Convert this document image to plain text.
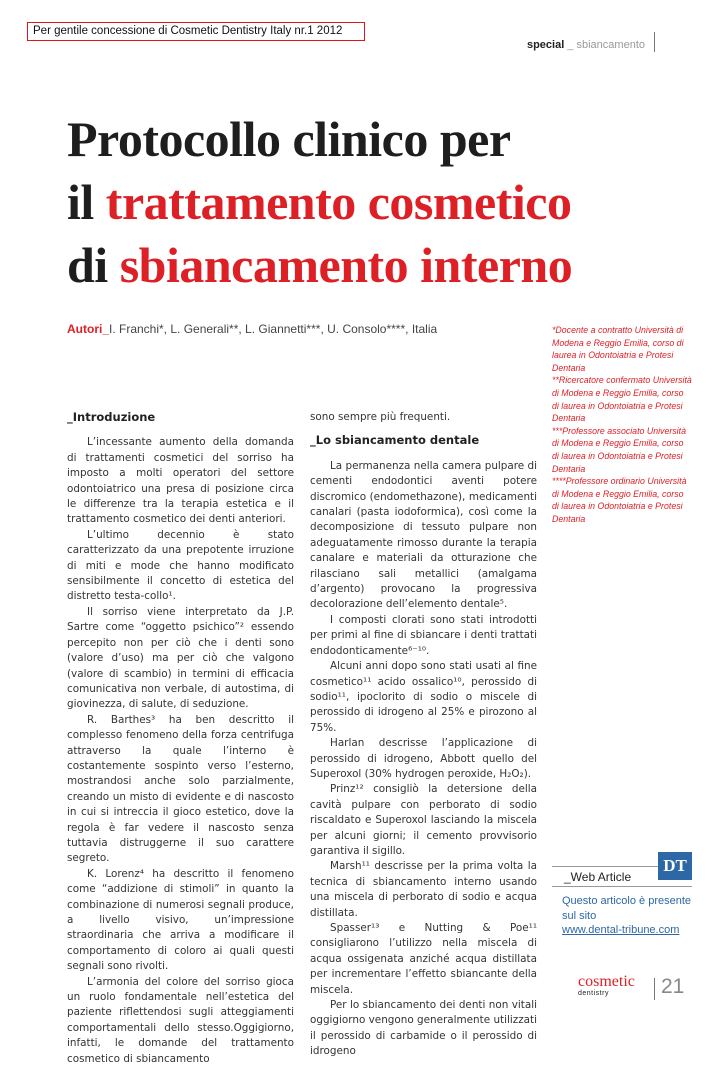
Per gentile concessione di Cosmetic Dentistry Italy nr.1 2012
special _ sbiancamento
Protocollo clinico per
il trattamento cosmetico
di sbiancamento interno
Autori_I. Franchi*, L. Generali**, L. Giannetti***, U. Consolo****, Italia	*Docente a contratto Università di Modena e Reggio Emilia, corso di laurea in Odontoiatria e Protesi Dentaria
**Ricercatore confermato Università di Modena e Reggio Emilia, corso di laurea in Odontoiatria e Protesi Dentaria
***Professore associato Università di Modena e Reggio Emilia, corso di laurea in Odontoiatria e Protesi Dentaria
****Professore ordinario Università di Modena e Reggio Emilia, corso di laurea in Odontoiatria e Protesi Dentaria
_Introduzione

L’incessante aumento della domanda di trattamenti cosmetici del sorriso ha imposto a molti operatori del settore odontoiatrico una presa di posizione circa le differenze tra la terapia estetica e il trattamento cosmetico dei denti anteriori.

L’ultimo decennio è stato caratterizzato da una prepotente irruzione di miti e mode che hanno modificato sensibilmente il concetto di estetica del distretto testa-collo¹.

Il sorriso viene interpretato da J.P. Sartre come “oggetto psichico”² essendo percepito non per ciò che i denti sono (valore d’uso) ma per ciò che valgono (valore di scambio) in termini di efficacia comunicativa non verbale, di autostima, di giovinezza, di salute, di seduzione.

R. Barthes³ ha ben descritto il complesso fenomeno della forza centrifuga attraverso la quale l’interno è costantemente sospinto verso l’esterno, mostrandosi anche solo parzialmente, creando un misto di evidente e di nascosto in cui si intreccia il gioco estetico, dove la regola è far vedere il nascosto senza tuttavia distruggerne il suo carattere segreto.

K. Lorenz⁴ ha descritto il fenomeno come “addizione di stimoli” in quanto la combinazione di numerosi segnali produce, a livello visivo, un’impressione straordinaria che arriva a modificare il comportamento di coloro ai quali questi segnali sono rivolti.

L’armonia del colore del sorriso gioca un ruolo fondamentale nell’estetica del paziente riflettendosi sugli atteggiamenti comportamentali dello stesso.Oggigiorno, infatti, le domande del trattamento cosmetico di sbiancamento

sono sempre più frequenti.

_Lo sbiancamento dentale

La permanenza nella camera pulpare di cementi endodontici aventi potere discromico (endomethazone), medicamenti canalari (pasta iodoformica), così come la decomposizione di tessuto pulpare non adeguatamente rimosso durante la terapia canalare e materiali da otturazione che rilasciano sali metallici (amalgama d’argento) provocano la progressiva decolorazione dell’elemento dentale⁵.

I composti clorati sono stati introdotti per primi al fine di sbiancare i denti trattati endodonticamente⁶⁻¹⁰.

Alcuni anni dopo sono stati usati al fine cosmetico¹¹ acido ossalico¹⁰, perossido di sodio¹¹, ipoclorito di sodio o miscele di perossido di idrogeno al 25% e pirozono al 75%.

Harlan descrisse l’applicazione di perossido di idrogeno, Abbott quello del Superoxol (30% hydrogen peroxide, H₂O₂).

Prinz¹² consigliò la detersione della cavità pulpare con perborato di sodio riscaldato e Superoxol lasciando la miscela per alcuni giorni; il cemento provvisorio garantiva il sigillo.

Marsh¹¹ descrisse per la prima volta la tecnica di sbiancamento interno usando una miscela di perborato di sodio e acqua distillata.

Spasser¹³ e Nutting & Poe¹¹ consigliarono l’utilizzo nella miscela di acqua ossigenata anziché acqua distillata per incrementare l’effetto sbiancante della miscela.

Per lo sbiancamento dei denti non vitali oggigiorno vengono generalmente utilizzati il perossido di carbamide o il perossido di idrogeno

_Web Article
DT
Questo articolo è presente sul sito
www.dental-tribune.com
cosmetic
dentistry	21
